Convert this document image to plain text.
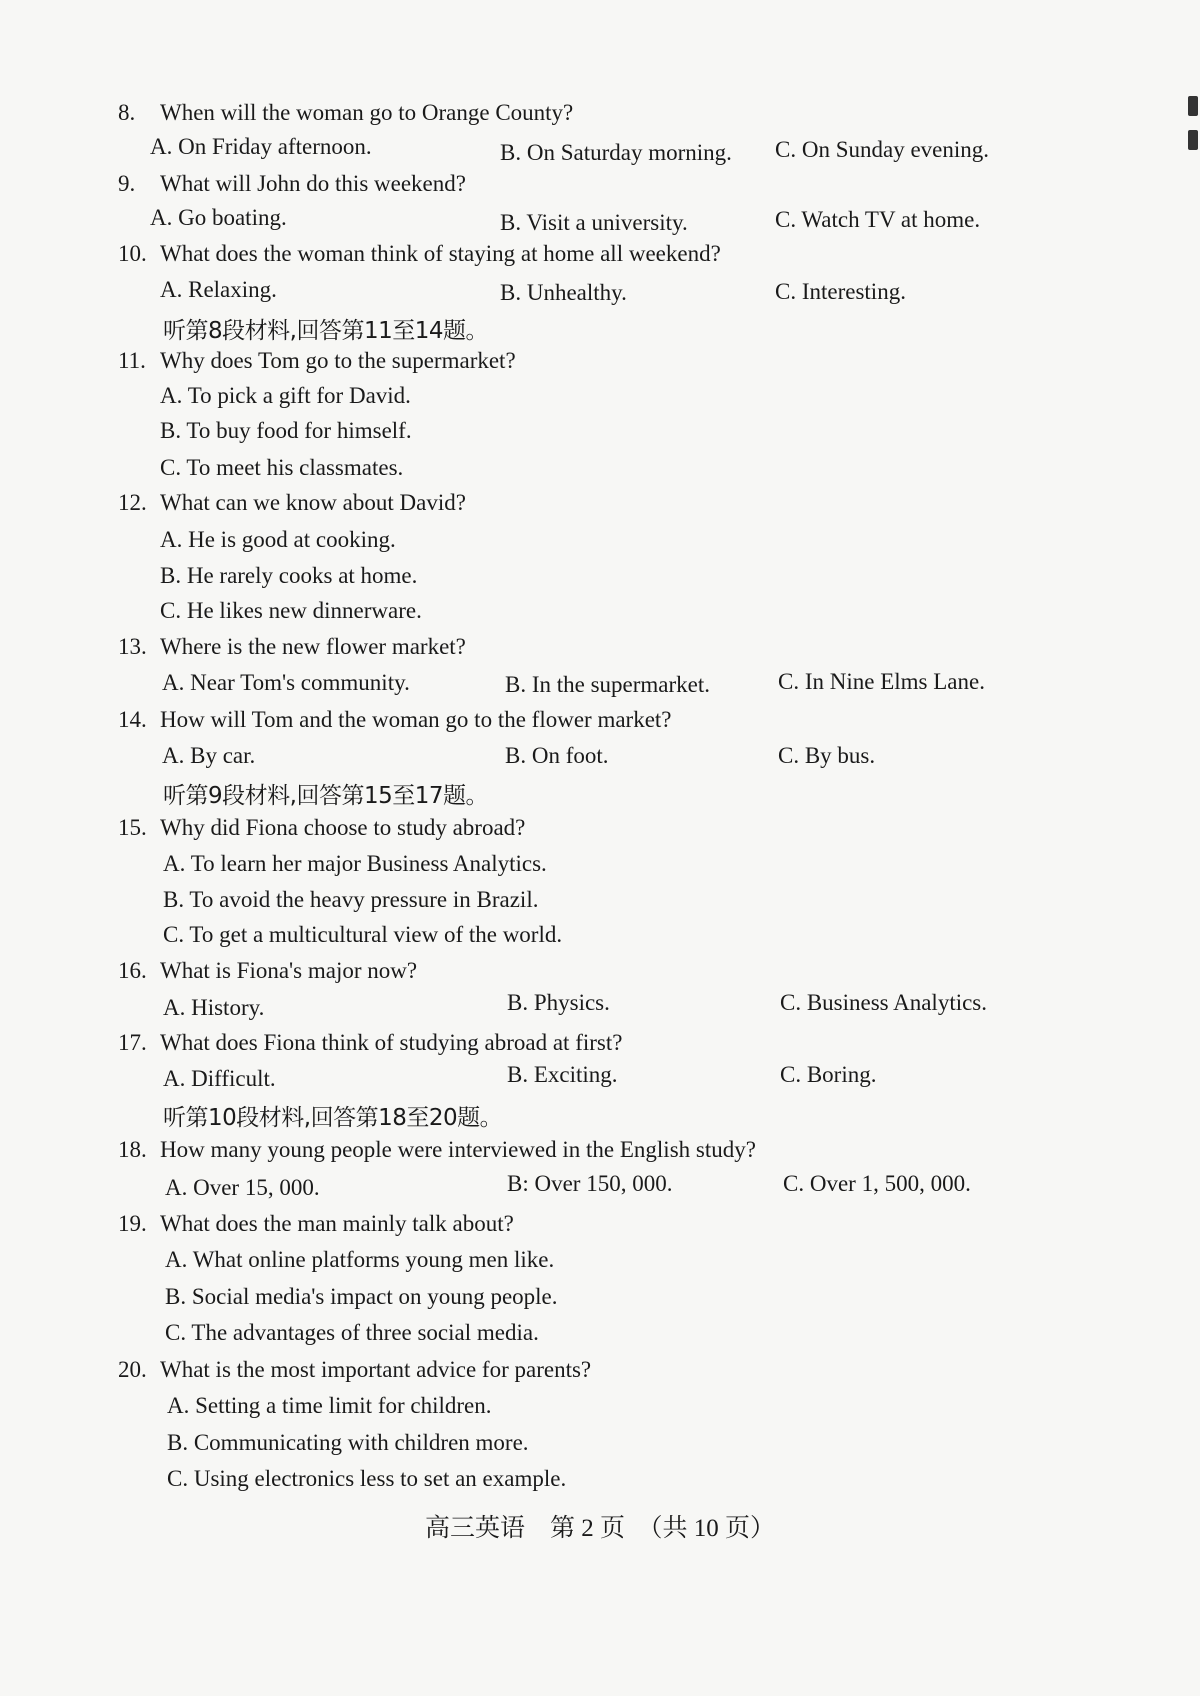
8. When will the woman go to Orange County?
A. On Friday afternoon.	B. On Saturday morning. C. On Sunday evening.
9. What will John do this weekend?
A. Go boating.	B. Visit a university.	C. Watch TV at home.
10. What does the woman think of staying at home all weekend?
A. Relaxing.	B. Unhealthy.	C. Interesting.
听第8段材料,回答第11至14题。
11. Why does Tom go to the supermarket?
A. To pick a gift for David.
B. To buy food for himself.
C. To meet his classmates.
12. What can we know about David?
A. He is good at cooking.
B. He rarely cooks at home.
C. He likes new dinnerware.
13. Where is the new flower market?
A. Near Tom's community.	B. In the supermarket.	C. In Nine Elms Lane.
14. How will Tom and the woman go to the flower market?
A. By car.	B. On foot.	C. By bus.
听第9段材料,回答第15至17题。
15. Why did Fiona choose to study abroad?
A. To learn her major Business Analytics.
B. To avoid the heavy pressure in Brazil.
C. To get a multicultural view of the world.
16. What is Fiona's major now?
A. History.	B. Physics.	C. Business Analytics.
17. What does Fiona think of studying abroad at first?
A. Difficult.	B. Exciting.	C. Boring.
听第10段材料,回答第18至20题。
18. How many young people were interviewed in the English study?
A. Over 15, 000.	B: Over 150, 000.	C. Over 1, 500, 000.
19. What does the man mainly talk about?
A. What online platforms young men like.
B. Social media's impact on young people.
C. The advantages of three social media.
20. What is the most important advice for parents?
A. Setting a time limit for children.
B. Communicating with children more.
C. Using electronics less to set an example.
高三英语　第 2 页　（共 10 页）
